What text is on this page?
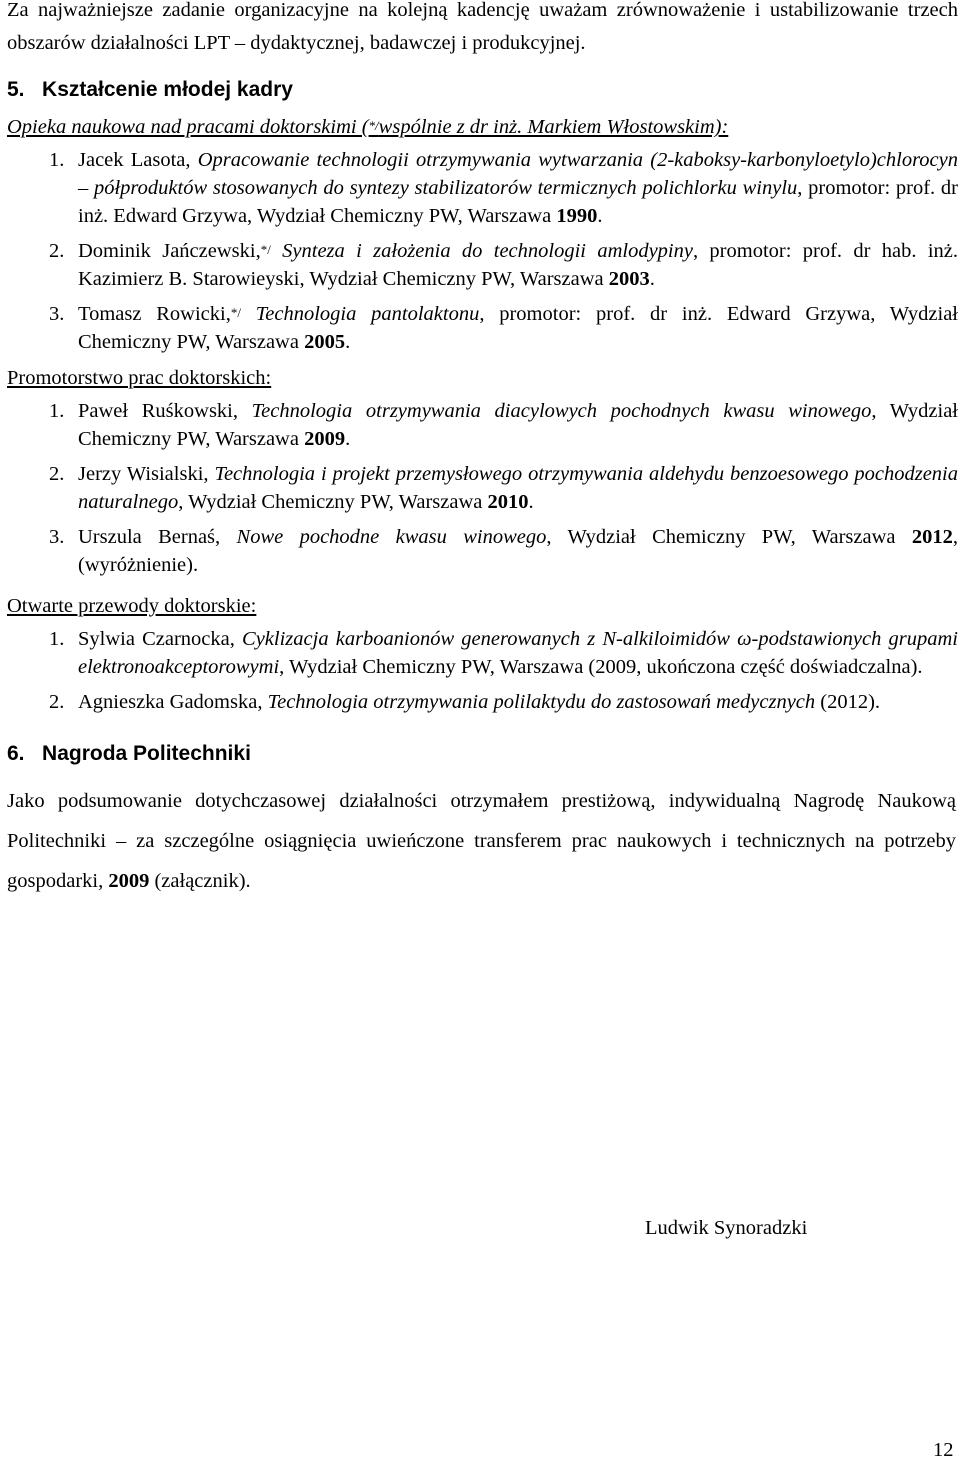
Za najważniejsze zadanie organizacyjne na kolejną kadencję uważam zrównoważenie i ustabilizowanie trzech obszarów działalności LPT – dydaktycznej, badawczej i produkcyjnej.

5. Kształcenie młodej kadry

Opieka naukowa nad pracami doktorskimi (*/wspólnie z dr inż. Markiem Włostowskim):

1. Jacek Lasota, Opracowanie technologii otrzymywania wytwarzania (2-kaboksy-karbonyloetylo)chlorocyn – półproduktów stosowanych do syntezy stabilizatorów termicznych polichlorku winylu, promotor: prof. dr inż. Edward Grzywa, Wydział Chemiczny PW, Warszawa 1990.
2. Dominik Jańczewski,*/ Synteza i założenia do technologii amlodypiny, promotor: prof. dr hab. inż. Kazimierz B. Starowieyski, Wydział Chemiczny PW, Warszawa 2003.
3. Tomasz Rowicki,*/ Technologia pantolaktonu, promotor: prof. dr inż. Edward Grzywa, Wydział Chemiczny PW, Warszawa 2005.

Promotorstwo prac doktorskich:

1. Paweł Ruśkowski, Technologia otrzymywania diacylowych pochodnych kwasu winowego, Wydział Chemiczny PW, Warszawa 2009.
2. Jerzy Wisialski, Technologia i projekt przemysłowego otrzymywania aldehydu benzoesowego pochodzenia naturalnego, Wydział Chemiczny PW, Warszawa 2010.
3. Urszula Bernaś, Nowe pochodne kwasu winowego, Wydział Chemiczny PW, Warszawa 2012, (wyróżnienie).

Otwarte przewody doktorskie:

1. Sylwia Czarnocka, Cyklizacja karboanionów generowanych z N-alkiloimidów ω-podstawionych grupami elektronoakceptorowymi, Wydział Chemiczny PW, Warszawa (2009, ukończona część doświadczalna).
2. Agnieszka Gadomska, Technologia otrzymywania polilaktydu do zastosowań medycznych (2012).

6. Nagroda Politechniki

Jako podsumowanie dotychczasowej działalności otrzymałem prestiżową, indywidualną Nagrodę Naukową Politechniki – za szczególne osiągnięcia uwieńczone transferem prac naukowych i technicznych na potrzeby gospodarki, 2009 (załącznik).

Ludwik Synoradzki
12
